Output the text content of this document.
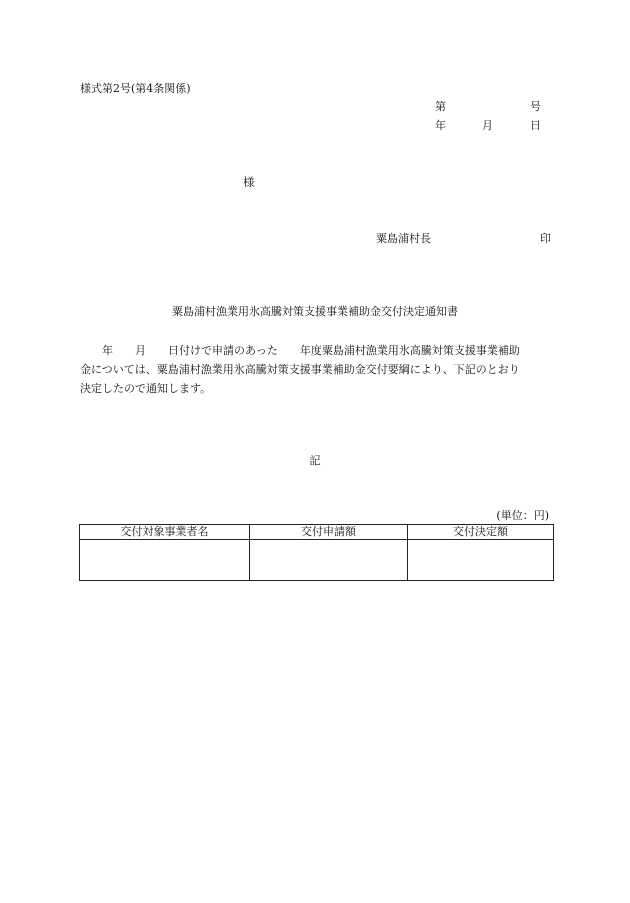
様式第2号(第4条関係)
第	号
年	月	日
様
粟島浦村長	印
粟島浦村漁業用氷高騰対策支援事業補助金交付決定通知書
　　年　　月　　日付けで申請のあった　　年度粟島浦村漁業用氷高騰対策支援事業補助
金については、粟島浦村漁業用氷高騰対策支援事業補助金交付要綱により、下記のとおり
決定したので通知します。
記
(単位：円)
交付対象事業者名	交付申請額	交付決定額
